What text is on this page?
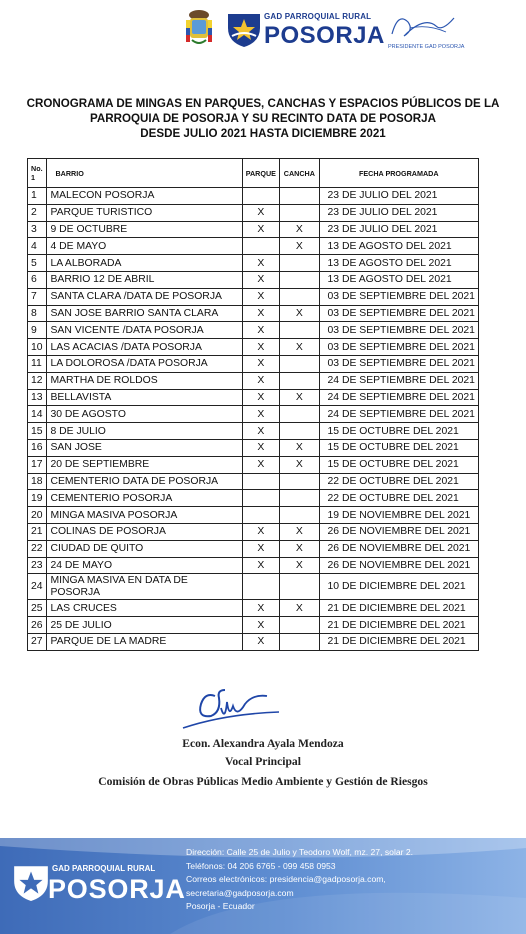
GAD PARROQUIAL RURAL
POSORJA PRESIDENTE GAD POSORJA
CRONOGRAMA DE MINGAS EN PARQUES, CANCHAS Y ESPACIOS PÚBLICOS DE LA
PARROQUIA DE POSORJA Y SU RECINTO DATA DE POSORJA
DESDE JULIO 2021 HASTA DICIEMBRE 2021
No.
1	BARRIO	PARQUE	CANCHA	FECHA PROGRAMADA
1	MALECON POSORJA			23 DE JULIO DEL 2021
2	PARQUE TURISTICO	X		23 DE JULIO DEL 2021
3	9 DE OCTUBRE	X	X	23 DE JULIO DEL 2021
4	4 DE MAYO		X	13 DE AGOSTO DEL 2021
5	LA ALBORADA	X		13 DE AGOSTO DEL 2021
6	BARRIO 12 DE ABRIL	X		13 DE AGOSTO DEL 2021
7	SANTA CLARA /DATA DE POSORJA	X		03 DE SEPTIEMBRE DEL 2021
8	SAN JOSE BARRIO SANTA CLARA	X	X	03 DE SEPTIEMBRE DEL 2021
9	SAN VICENTE /DATA POSORJA	X		03 DE SEPTIEMBRE DEL 2021
10	LAS ACACIAS /DATA POSORJA	X	X	03 DE SEPTIEMBRE DEL 2021
11	LA DOLOROSA /DATA POSORJA	X		03 DE SEPTIEMBRE DEL 2021
12	MARTHA DE ROLDOS	X		24 DE SEPTIEMBRE DEL 2021
13	BELLAVISTA	X	X	24 DE SEPTIEMBRE DEL 2021
14	30 DE AGOSTO	X		24 DE SEPTIEMBRE DEL 2021
15	8 DE JULIO	X		15 DE OCTUBRE DEL 2021
16	SAN JOSE	X	X	15 DE OCTUBRE DEL 2021
17	20 DE SEPTIEMBRE	X	X	15 DE OCTUBRE DEL 2021
18	CEMENTERIO DATA DE POSORJA			22 DE OCTUBRE DEL 2021
19	CEMENTERIO POSORJA			22 DE OCTUBRE DEL 2021
20	MINGA MASIVA POSORJA			19 DE NOVIEMBRE DEL 2021
21	COLINAS DE POSORJA	X	X	26 DE NOVIEMBRE DEL 2021
22	CIUDAD DE QUITO	X	X	26 DE NOVIEMBRE DEL 2021
23	24 DE MAYO	X	X	26 DE NOVIEMBRE DEL 2021
24	MINGA MASIVA EN DATA DE POSORJA			10 DE DICIEMBRE DEL 2021
25	LAS CRUCES	X	X	21 DE DICIEMBRE DEL 2021
26	25 DE JULIO	X		21 DE DICIEMBRE DEL 2021
27	PARQUE DE LA MADRE	X		21 DE DICIEMBRE DEL 2021
Econ. Alexandra Ayala Mendoza
Vocal Principal
Comisión de Obras Públicas Medio Ambiente y Gestión de Riesgos
GAD PARROQUIAL RURAL
POSORJA
Dirección: Calle 25 de Julio y Teodoro Wolf, mz. 27, solar 2.
Teléfonos: 04 206 6765 - 099 458 0953
Correos electrónicos: presidencia@gadposorja.com,
secretaria@gadposorja.com
Posorja - Ecuador
